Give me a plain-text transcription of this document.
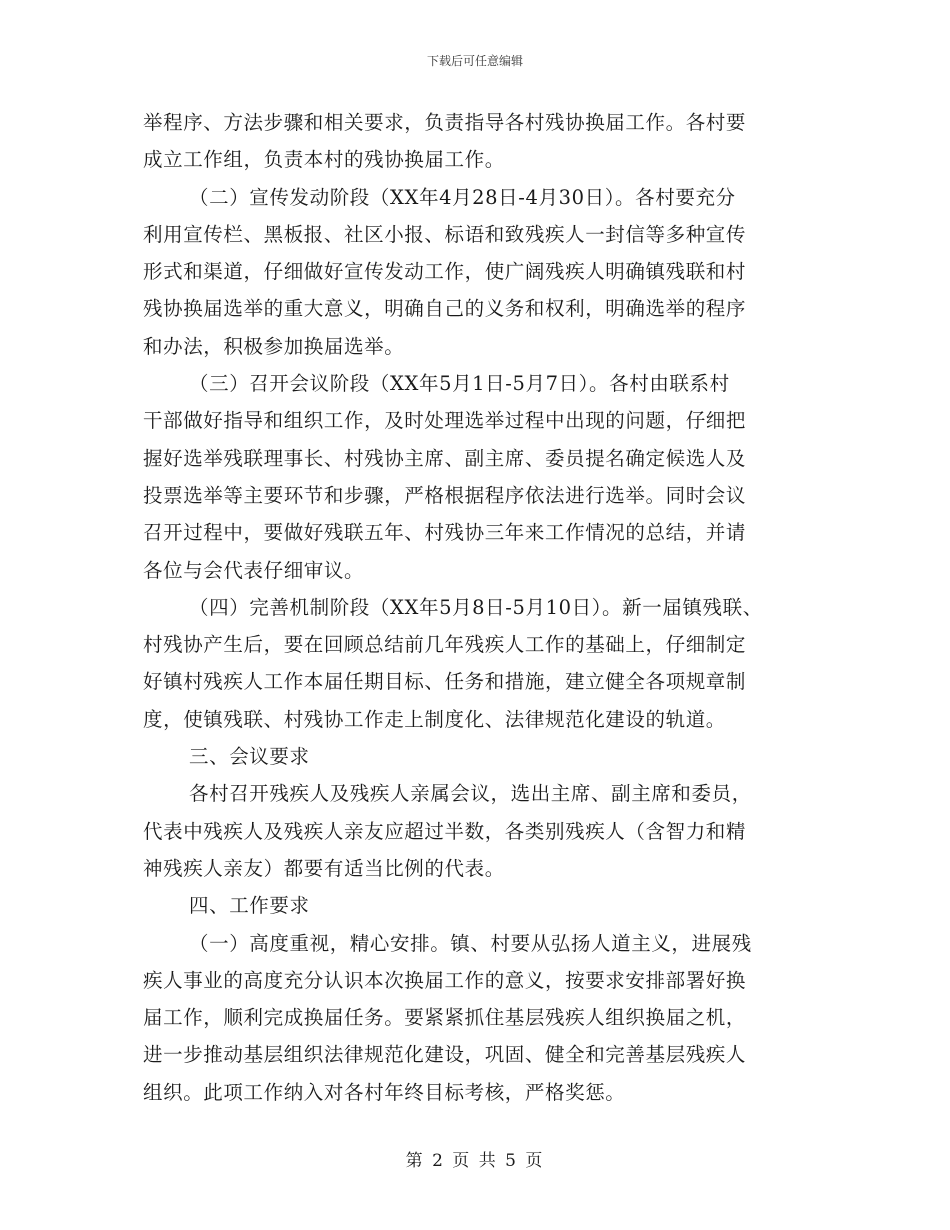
下载后可任意编辑
举程序、方法步骤和相关要求，负责指导各村残协换届工作。各村要
成立工作组，负责本村的残协换届工作。
（二）宣传发动阶段（XX年4月28日-4月30日）。各村要充分
利用宣传栏、黑板报、社区小报、标语和致残疾人一封信等多种宣传
形式和渠道，仔细做好宣传发动工作，使广阔残疾人明确镇残联和村
残协换届选举的重大意义，明确自己的义务和权利，明确选举的程序
和办法，积极参加换届选举。
（三）召开会议阶段（XX年5月1日-5月7日）。各村由联系村
干部做好指导和组织工作，及时处理选举过程中出现的问题，仔细把
握好选举残联理事长、村残协主席、副主席、委员提名确定候选人及
投票选举等主要环节和步骤，严格根据程序依法进行选举。同时会议
召开过程中，要做好残联五年、村残协三年来工作情况的总结，并请
各位与会代表仔细审议。
（四）完善机制阶段（XX年5月8日-5月10日）。新一届镇残联、
村残协产生后，要在回顾总结前几年残疾人工作的基础上，仔细制定
好镇村残疾人工作本届任期目标、任务和措施，建立健全各项规章制
度，使镇残联、村残协工作走上制度化、法律规范化建设的轨道。
三、会议要求
各村召开残疾人及残疾人亲属会议，选出主席、副主席和委员，
代表中残疾人及残疾人亲友应超过半数，各类别残疾人（含智力和精
神残疾人亲友）都要有适当比例的代表。
四、工作要求
（一）高度重视，精心安排。镇、村要从弘扬人道主义，进展残
疾人事业的高度充分认识本次换届工作的意义，按要求安排部署好换
届工作，顺利完成换届任务。要紧紧抓住基层残疾人组织换届之机，
进一步推动基层组织法律规范化建设，巩固、健全和完善基层残疾人
组织。此项工作纳入对各村年终目标考核，严格奖惩。
第 2 页 共 5 页
